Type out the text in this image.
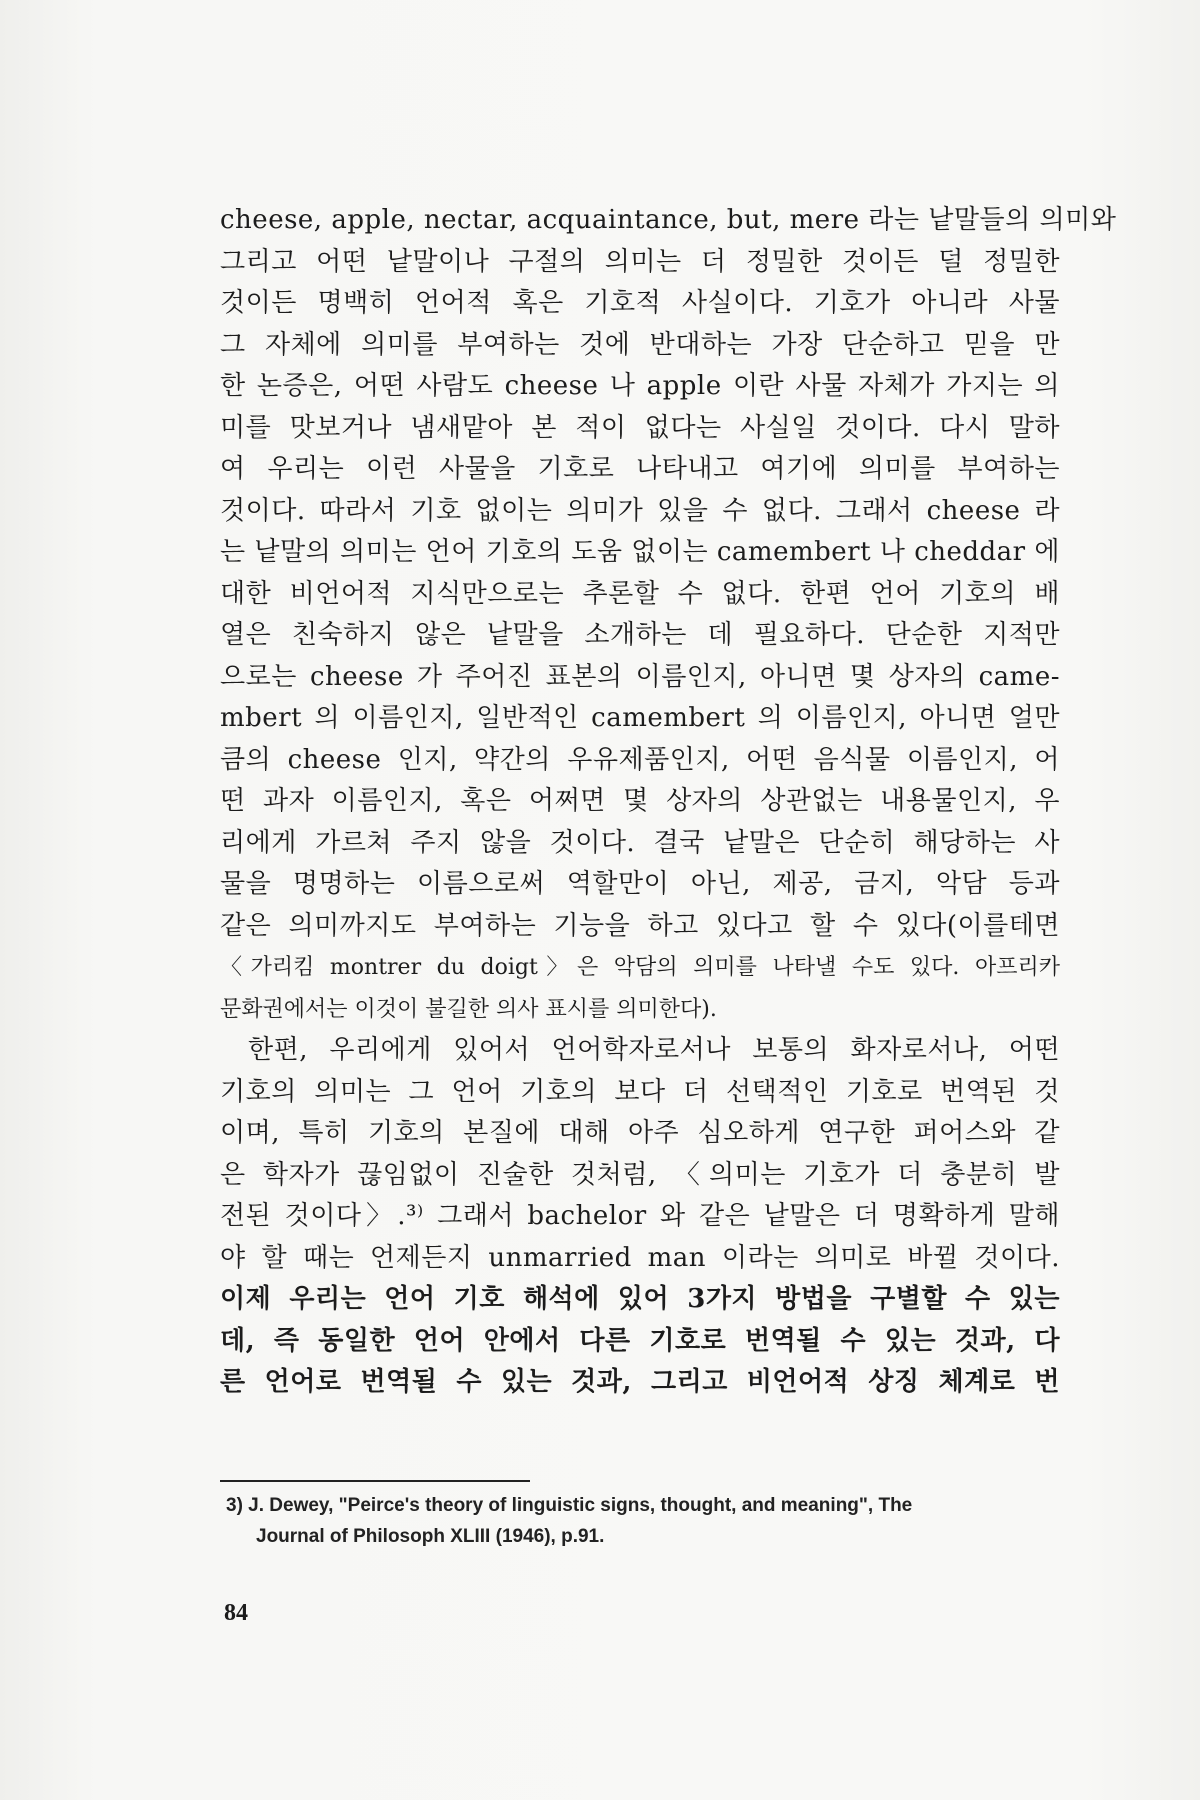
cheese, apple, nectar, acquaintance, but, mere 라는 낱말들의 의미와
그리고 어떤 낱말이나 구절의 의미는 더 정밀한 것이든 덜 정밀한
것이든 명백히 언어적 혹은 기호적 사실이다. 기호가 아니라 사물
그 자체에 의미를 부여하는 것에 반대하는 가장 단순하고 믿을 만
한 논증은, 어떤 사람도 cheese 나 apple 이란 사물 자체가 가지는 의
미를 맛보거나 냄새맡아 본 적이 없다는 사실일 것이다. 다시 말하
여 우리는 이런 사물을 기호로 나타내고 여기에 의미를 부여하는
것이다. 따라서 기호 없이는 의미가 있을 수 없다. 그래서 cheese 라
는 낱말의 의미는 언어 기호의 도움 없이는 camembert 나 cheddar 에
대한 비언어적 지식만으로는 추론할 수 없다. 한편 언어 기호의 배
열은 친숙하지 않은 낱말을 소개하는 데 필요하다. 단순한 지적만
으로는 cheese 가 주어진 표본의 이름인지, 아니면 몇 상자의 came-
mbert 의 이름인지, 일반적인 camembert 의 이름인지, 아니면 얼만
큼의 cheese 인지, 약간의 우유제품인지, 어떤 음식물 이름인지, 어
떤 과자 이름인지, 혹은 어쩌면 몇 상자의 상관없는 내용물인지, 우
리에게 가르쳐 주지 않을 것이다. 결국 낱말은 단순히 해당하는 사
물을 명명하는 이름으로써 역할만이 아닌, 제공, 금지, 악담 등과
같은 의미까지도 부여하는 기능을 하고 있다고 할 수 있다(이를테면
〈가리킴 montrer du doigt〉은 악담의 의미를 나타낼 수도 있다. 아프리카
문화권에서는 이것이 불길한 의사 표시를 의미한다).
한편, 우리에게 있어서 언어학자로서나 보통의 화자로서나, 어떤
기호의 의미는 그 언어 기호의 보다 더 선택적인 기호로 번역된 것
이며, 특히 기호의 본질에 대해 아주 심오하게 연구한 퍼어스와 같
은 학자가 끊임없이 진술한 것처럼, 〈의미는 기호가 더 충분히 발
전된 것이다〉.³⁾ 그래서 bachelor 와 같은 낱말은 더 명확하게 말해
야 할 때는 언제든지 unmarried man 이라는 의미로 바뀔 것이다.
이제 우리는 언어 기호 해석에 있어 3가지 방법을 구별할 수 있는
데, 즉 동일한 언어 안에서 다른 기호로 번역될 수 있는 것과, 다
른 언어로 번역될 수 있는 것과, 그리고 비언어적 상징 체계로 번
3) J. Dewey, "Peirce's theory of linguistic signs, thought, and meaning", The
Journal of Philosoph XLIII (1946), p.91.
84
